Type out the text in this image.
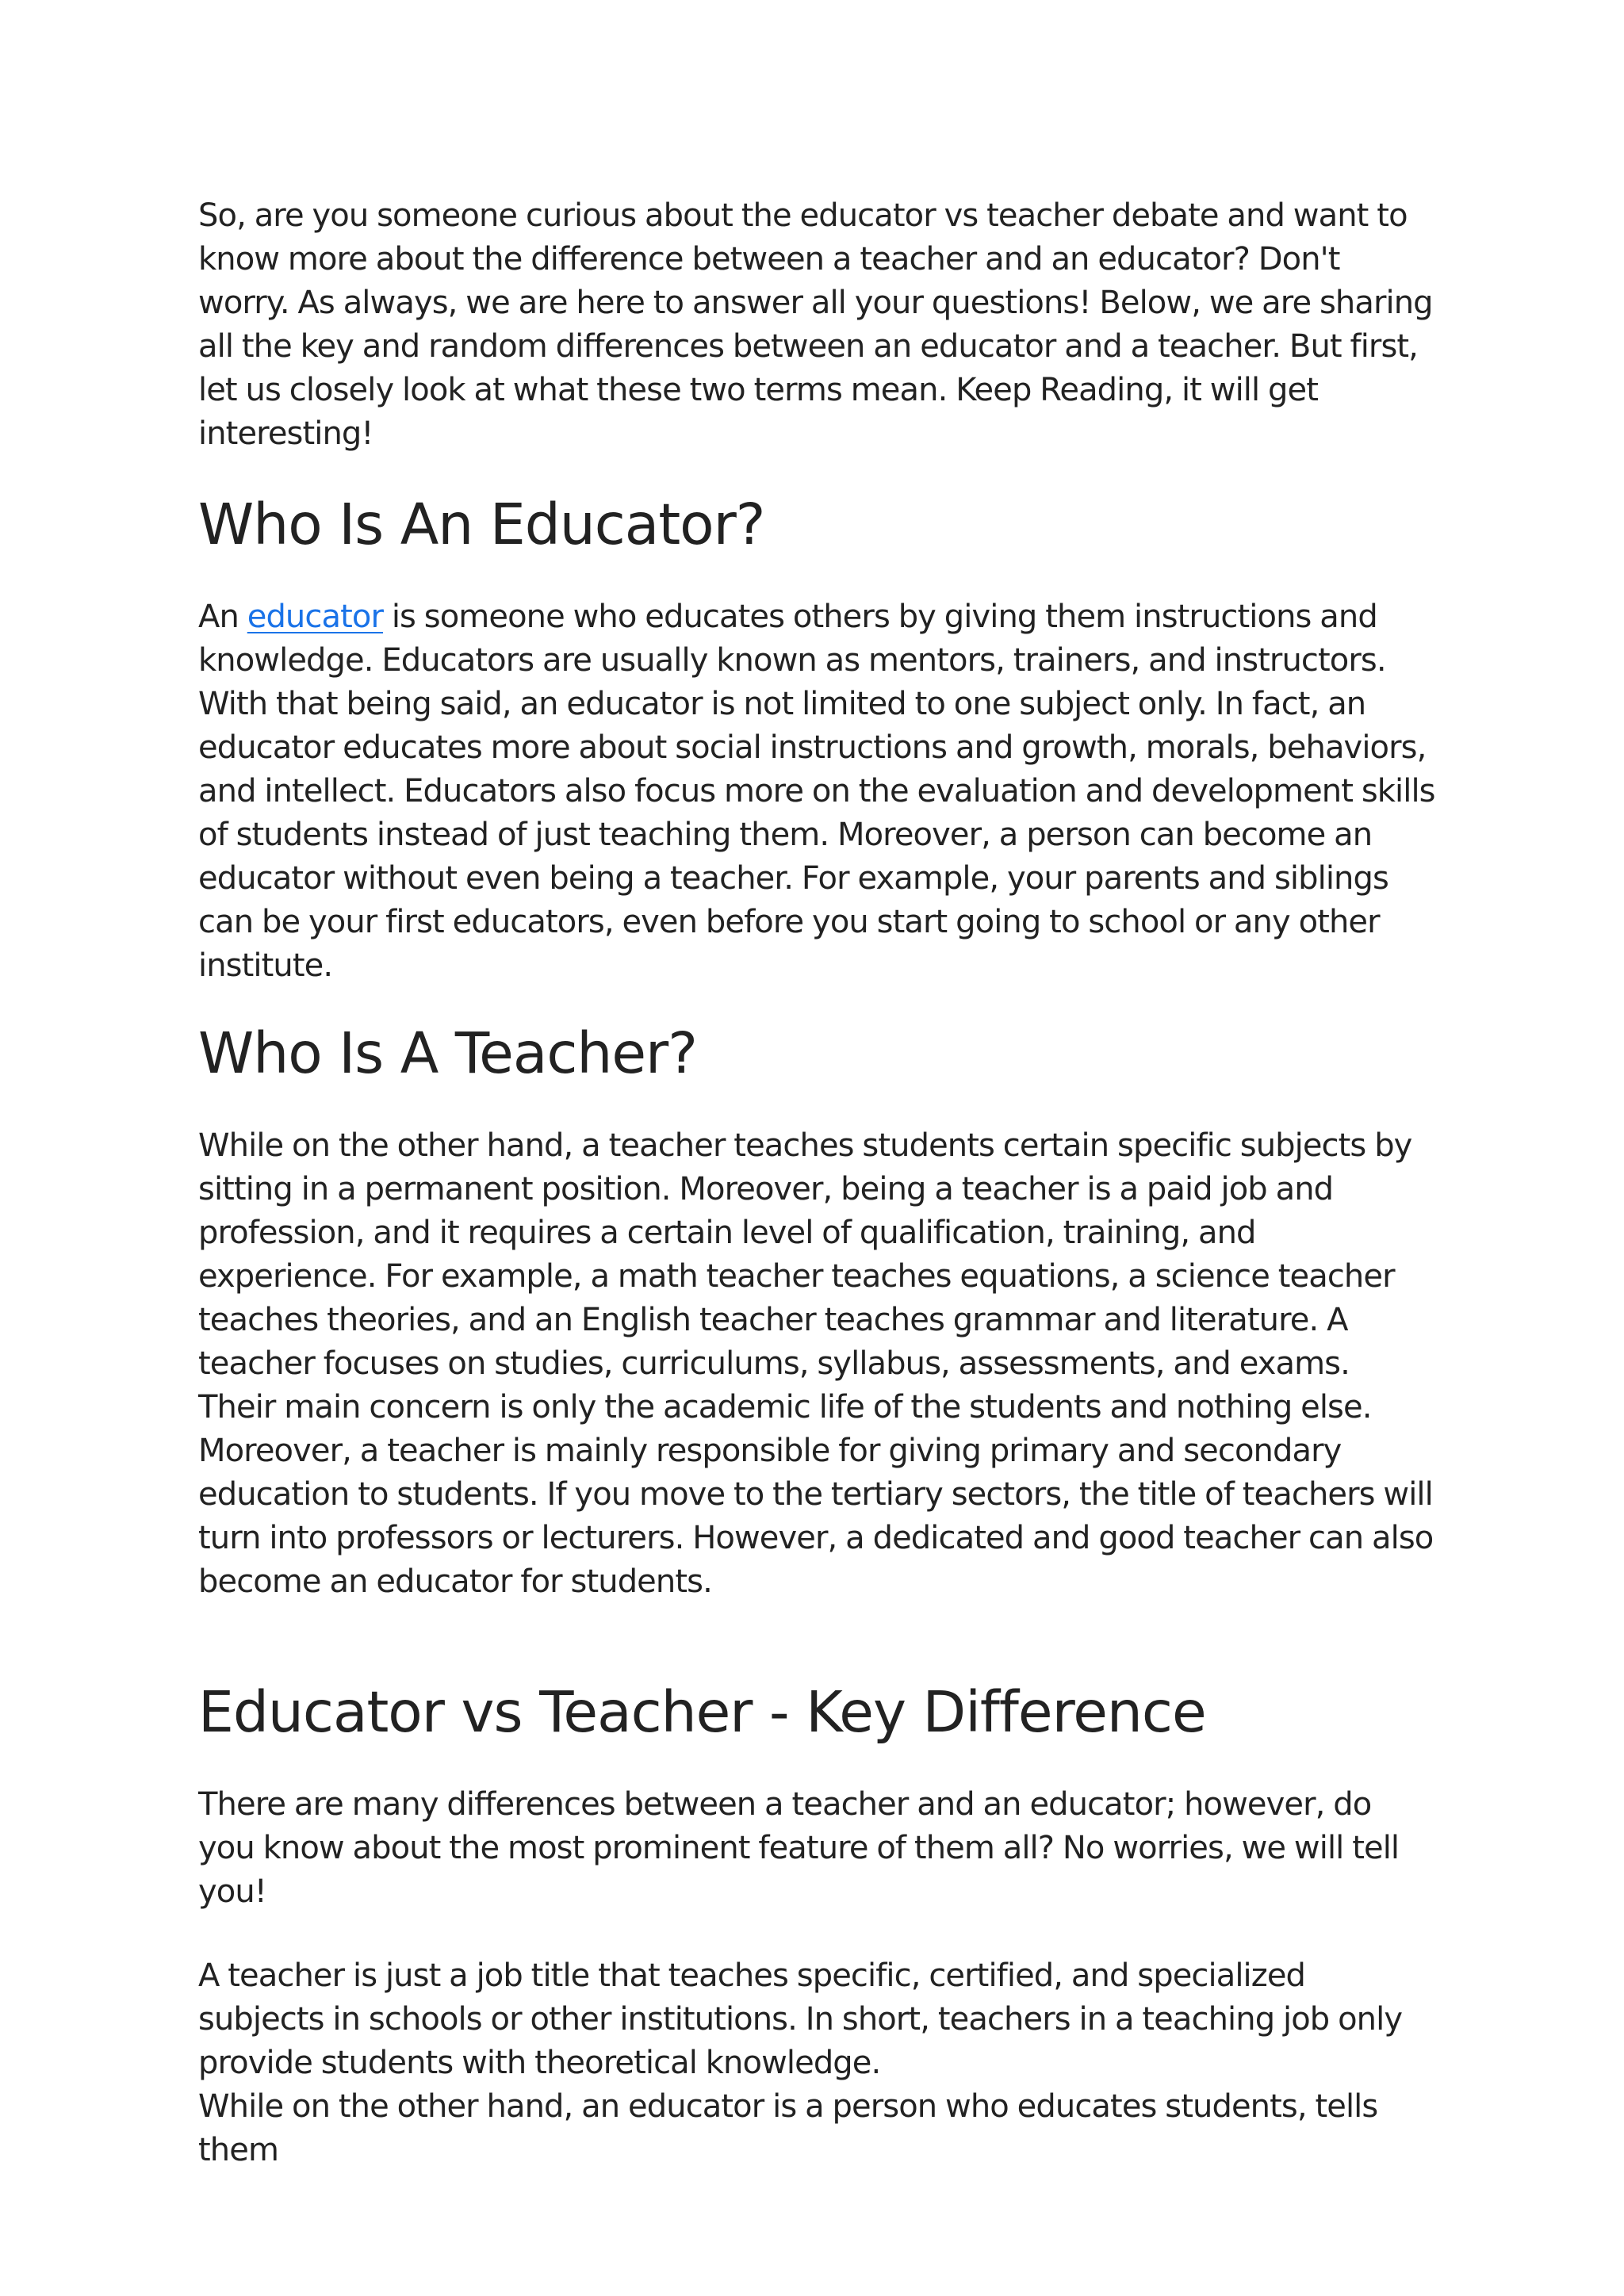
So, are you someone curious about the educator vs teacher debate and want to know more about the difference between a teacher and an educator? Don't worry. As always, we are here to answer all your questions! Below, we are sharing all the key and random differences between an educator and a teacher. But first, let us closely look at what these two terms mean. Keep Reading, it will get interesting!

Who Is An Educator?

An educator is someone who educates others by giving them instructions and knowledge. Educators are usually known as mentors, trainers, and instructors. With that being said, an educator is not limited to one subject only. In fact, an educator educates more about social instructions and growth, morals, behaviors, and intellect. Educators also focus more on the evaluation and development skills of students instead of just teaching them. Moreover, a person can become an educator without even being a teacher. For example, your parents and siblings can be your first educators, even before you start going to school or any other institute.

Who Is A Teacher?

While on the other hand, a teacher teaches students certain specific subjects by sitting in a permanent position. Moreover, being a teacher is a paid job and profession, and it requires a certain level of qualification, training, and experience. For example, a math teacher teaches equations, a science teacher teaches theories, and an English teacher teaches grammar and literature. A teacher focuses on studies, curriculums, syllabus, assessments, and exams. Their main concern is only the academic life of the students and nothing else. Moreover, a teacher is mainly responsible for giving primary and secondary education to students. If you move to the tertiary sectors, the title of teachers will turn into professors or lecturers. However, a dedicated and good teacher can also become an educator for students.

Educator vs Teacher - Key Difference

There are many differences between a teacher and an educator; however, do you know about the most prominent feature of them all? No worries, we will tell you!

A teacher is just a job title that teaches specific, certified, and specialized subjects in schools or other institutions. In short, teachers in a teaching job only provide students with theoretical knowledge.
While on the other hand, an educator is a person who educates students, tells them
